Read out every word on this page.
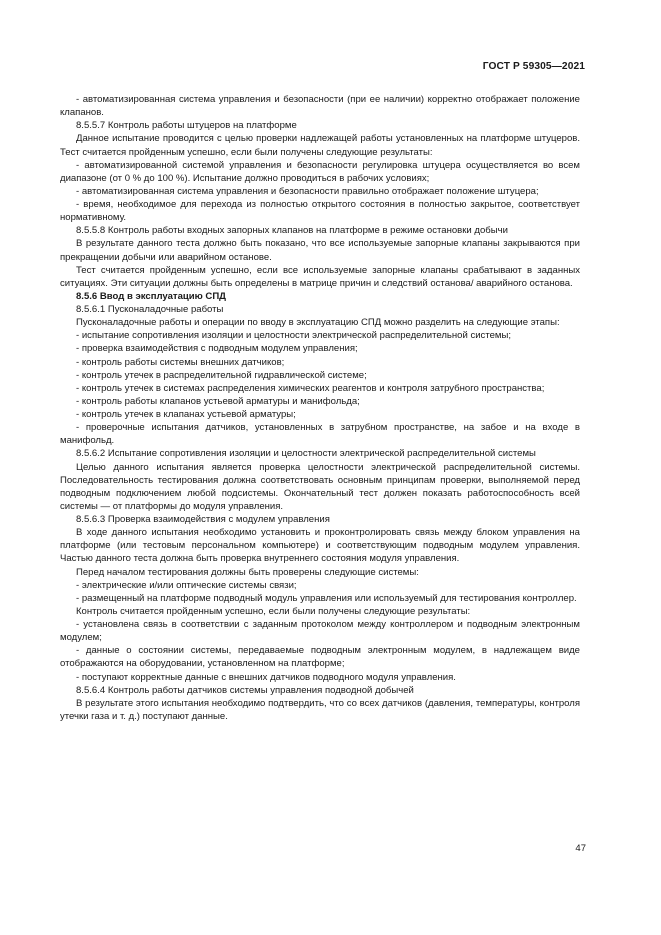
ГОСТ Р 59305—2021

- автоматизированная система управления и безопасности (при ее наличии) корректно отображает положение клапанов.

8.5.5.7 Контроль работы штуцеров на платформе

Данное испытание проводится с целью проверки надлежащей работы установленных на платформе штуцеров. Тест считается пройденным успешно, если были получены следующие результаты:

- автоматизированной системой управления и безопасности регулировка штуцера осуществляется во всем диапазоне (от 0 % до 100 %). Испытание должно проводиться в рабочих условиях;

- автоматизированная система управления и безопасности правильно отображает положение штуцера;

- время, необходимое для перехода из полностью открытого состояния в полностью закрытое, соответствует нормативному.

8.5.5.8 Контроль работы входных запорных клапанов на платформе в режиме остановки добычи

В результате данного теста должно быть показано, что все используемые запорные клапаны закрываются при прекращении добычи или аварийном останове.

Тест считается пройденным успешно, если все используемые запорные клапаны срабатывают в заданных ситуациях. Эти ситуации должны быть определены в матрице причин и следствий останова/ аварийного останова.

8.5.6 Ввод в эксплуатацию СПД

8.5.6.1 Пусконаладочные работы

Пусконаладочные работы и операции по вводу в эксплуатацию СПД можно разделить на следующие этапы:

- испытание сопротивления изоляции и целостности электрической распределительной системы;

- проверка взаимодействия с подводным модулем управления;

- контроль работы системы внешних датчиков;

- контроль утечек в распределительной гидравлической системе;

- контроль утечек в системах распределения химических реагентов и контроля затрубного пространства;

- контроль работы клапанов устьевой арматуры и манифольда;

- контроль утечек в клапанах устьевой арматуры;

- проверочные испытания датчиков, установленных в затрубном пространстве, на забое и на входе в манифольд.

8.5.6.2 Испытание сопротивления изоляции и целостности электрической распределительной системы

Целью данного испытания является проверка целостности электрической распределительной системы. Последовательность тестирования должна соответствовать основным принципам проверки, выполняемой перед подводным подключением любой подсистемы. Окончательный тест должен показать работоспособность всей системы — от платформы до модуля управления.

8.5.6.3 Проверка взаимодействия с модулем управления

В ходе данного испытания необходимо установить и проконтролировать связь между блоком управления на платформе (или тестовым персональном компьютере) и соответствующим подводным модулем управления. Частью данного теста должна быть проверка внутреннего состояния модуля управления.

Перед началом тестирования должны быть проверены следующие системы:

- электрические и/или оптические системы связи;

- размещенный на платформе подводный модуль управления или используемый для тестирования контроллер.

Контроль считается пройденным успешно, если были получены следующие результаты:

- установлена связь в соответствии с заданным протоколом между контроллером и подводным электронным модулем;

- данные о состоянии системы, передаваемые подводным электронным модулем, в надлежащем виде отображаются на оборудовании, установленном на платформе;

- поступают корректные данные с внешних датчиков подводного модуля управления.

8.5.6.4 Контроль работы датчиков системы управления подводной добычей

В результате этого испытания необходимо подтвердить, что со всех датчиков (давления, температуры, контроля утечки газа и т. д.) поступают данные.

47
